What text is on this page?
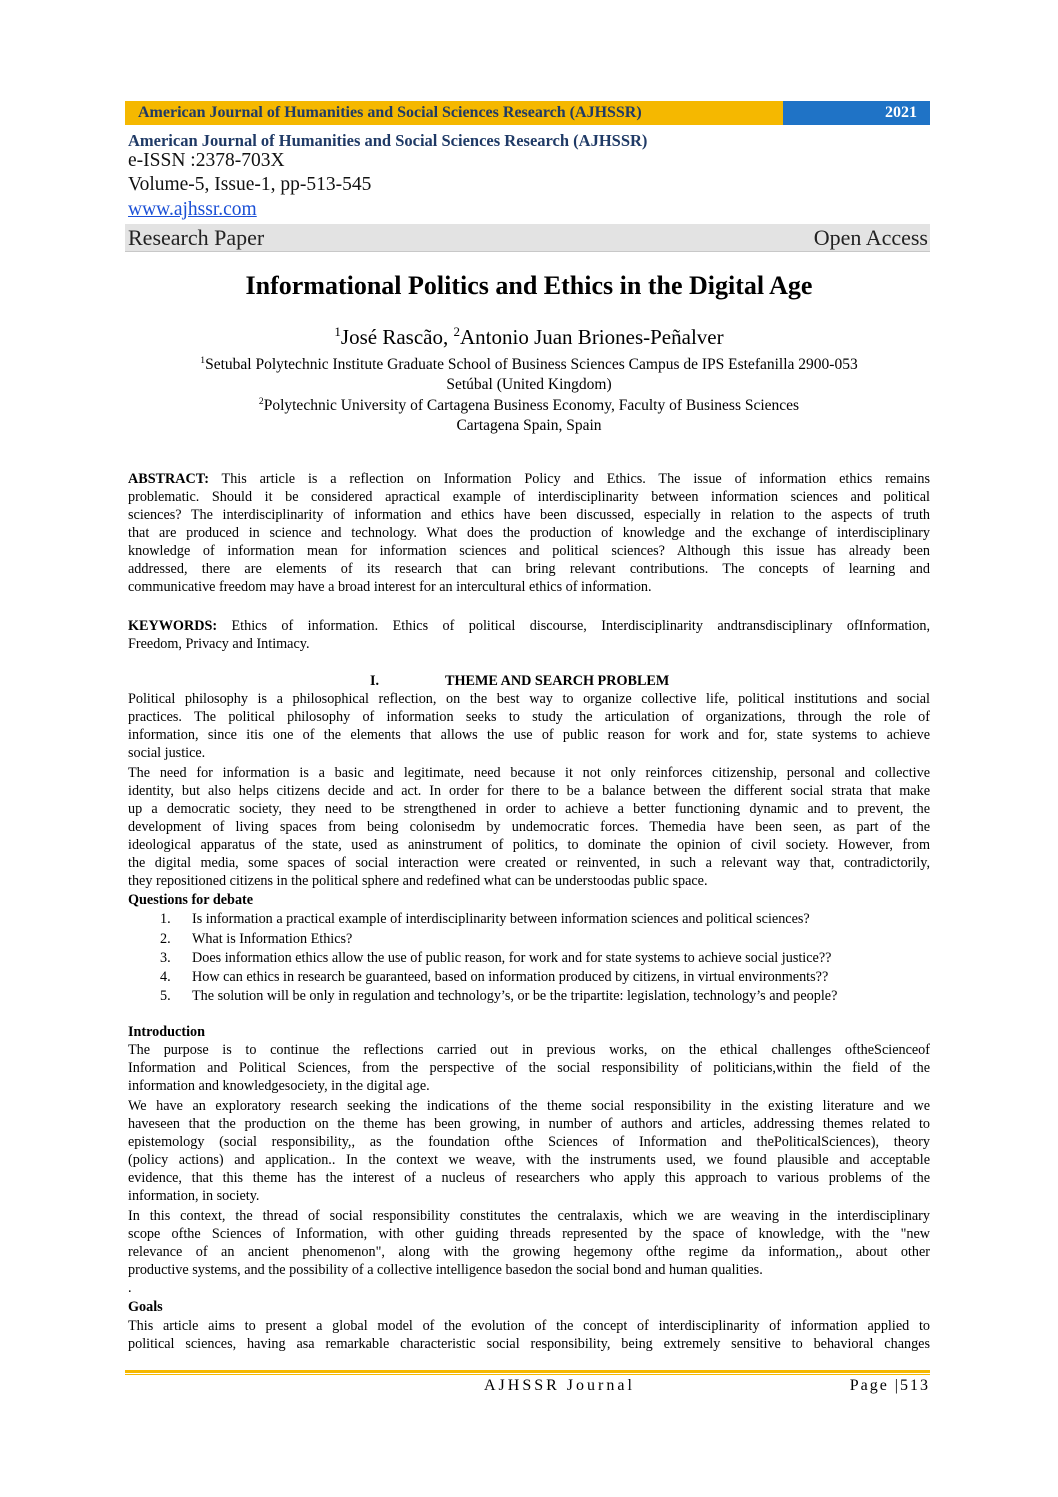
American Journal of Humanities and Social Sciences Research (AJHSSR)	2021
American Journal of Humanities and Social Sciences Research (AJHSSR)
e-ISSN :2378-703X
Volume-5, Issue-1, pp-513-545
www.ajhssr.com
Research Paper	Open Access
Informational Politics and Ethics in the Digital Age
$^1$José Rascão, $^2$Antonio Juan Briones-Peñalver
$^1$Setubal Polytechnic Institute Graduate School of Business Sciences Campus de IPS Estefanilla 2900-053
Setúbal (United Kingdom)
$^2$Polytechnic University of Cartagena Business Economy, Faculty of Business Sciences
Cartagena Spain, Spain
ABSTRACT: This article is a reflection on Information Policy and Ethics. The issue of information ethics remains
problematic. Should it be considered apractical example of interdisciplinarity between information sciences and political
sciences? The interdisciplinarity of information and ethics have been discussed, especially in relation to the aspects of truth
that are produced in science and technology. What does the production of knowledge and the exchange of interdisciplinary
knowledge of information mean for information sciences and political sciences? Although this issue has already been
addressed, there are elements of its research that can bring relevant contributions. The concepts of learning and
communicative freedom may have a broad interest for an intercultural ethics of information.
KEYWORDS: Ethics of information. Ethics of political discourse, Interdisciplinarity andtransdisciplinary ofInformation,
Freedom, Privacy and Intimacy.
I.	THEME AND SEARCH PROBLEM
Political philosophy is a philosophical reflection, on the best way to organize collective life, political institutions and social
practices. The political philosophy of information seeks to study the articulation of organizations, through the role of
information, since itis one of the elements that allows the use of public reason for work and for, state systems to achieve
social justice.
The need for information is a basic and legitimate, need because it not only reinforces citizenship, personal and collective
identity, but also helps citizens decide and act. In order for there to be a balance between the different social strata that make
up a democratic society, they need to be strengthened in order to achieve a better functioning dynamic and to prevent, the
development of living spaces from being colonisedm by undemocratic forces. Themedia have been seen, as part of the
ideological apparatus of the state, used as aninstrument of politics, to dominate the opinion of civil society. However, from
the digital media, some spaces of social interaction were created or reinvented, in such a relevant way that, contradictorily,
they repositioned citizens in the political sphere and redefined what can be understoodas public space.
Questions for debate
1. Is information a practical example of interdisciplinarity between information sciences and political sciences?
2. What is Information Ethics?
3. Does information ethics allow the use of public reason, for work and for state systems to achieve social justice??
4. How can ethics in research be guaranteed, based on information produced by citizens, in virtual environments??
5. The solution will be only in regulation and technology’s, or be the tripartite: legislation, technology’s and people?
Introduction
The purpose is to continue the reflections carried out in previous works, on the ethical challenges oftheScienceof
Information and Political Sciences, from the perspective of the social responsibility of politicians,within the field of the
information and knowledgesociety, in the digital age.
We have an exploratory research seeking the indications of the theme social responsibility in the existing literature and we
haveseen that the production on the theme has been growing, in number of authors and articles, addressing themes related to
epistemology (social responsibility,, as the foundation ofthe Sciences of Information and thePoliticalSciences), theory
(policy actions) and application.. In the context we weave, with the instruments used, we found plausible and acceptable
evidence, that this theme has the interest of a nucleus of researchers who apply this approach to various problems of the
information, in society.
In this context, the thread of social responsibility constitutes the centralaxis, which we are weaving in the interdisciplinary
scope ofthe Sciences of Information, with other guiding threads represented by the space of knowledge, with the "new
relevance of an ancient phenomenon", along with the growing hegemony ofthe regime da information,, about other
productive systems, and the possibility of a collective intelligence basedon the social bond and human qualities.
.
Goals
This article aims to present a global model of the evolution of the concept of interdisciplinarity of information applied to
political sciences, having asa remarkable characteristic social responsibility, being extremely sensitive to behavioral changes
AJHSSR Journal	Page |513
